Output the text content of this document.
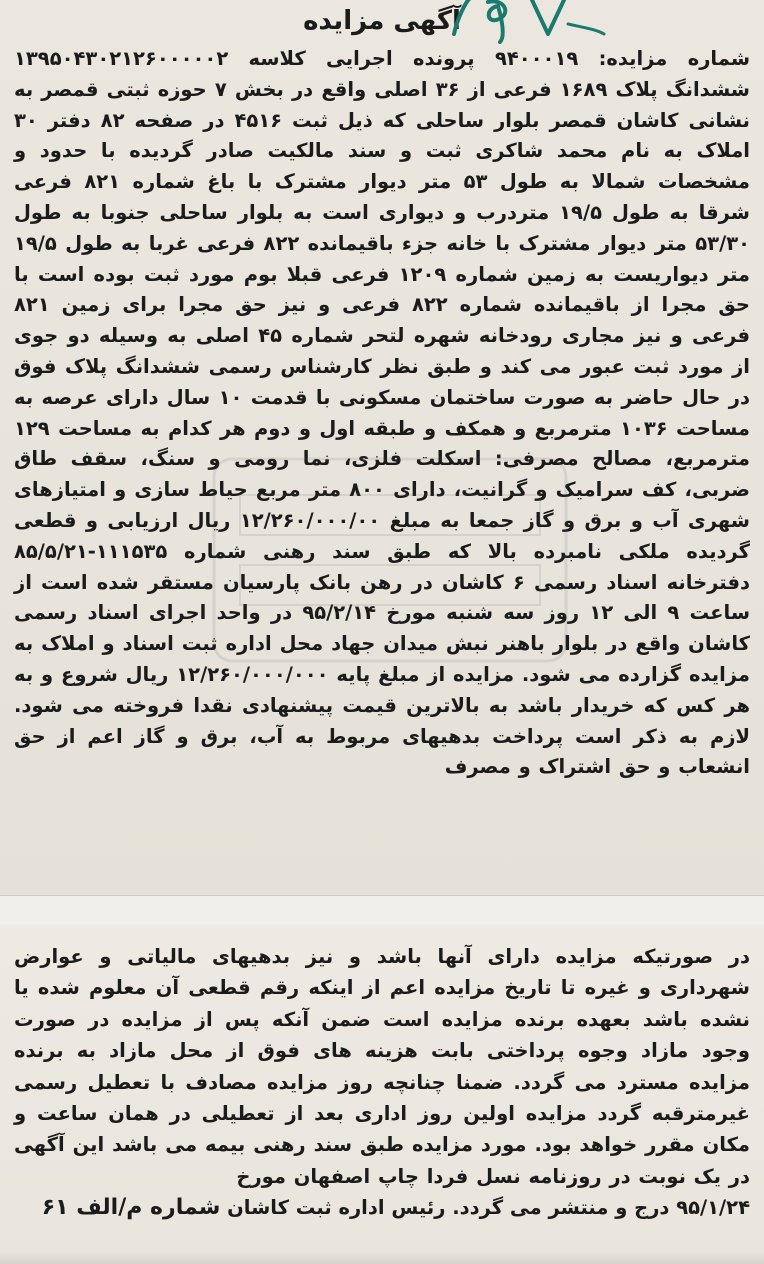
آگهی مزایده

شماره مزایده: ۹۴۰۰۰۱۹ پرونده اجرایی کلاسه ۱۳۹۵۰۴۳۰۲۱۲۶۰۰۰۰۰۲ ششدانگ پلاک ۱۶۸۹ فرعی از ۳۶ اصلی واقع در بخش ۷ حوزه ثبتی قمصر به نشانی کاشان قمصر بلوار ساحلی که ذیل ثبت ۴۵۱۶ در صفحه ۸۲ دفتر ۳۰ املاک به نام محمد شاکری ثبت و سند مالکیت صادر گردیده با حدود و مشخصات شمالا به طول ۵۳ متر دیوار مشترک با باغ شماره ۸۲۱ فرعی شرقا به طول ۱۹/۵ متردرب و دیواری است به بلوار ساحلی جنوبا به طول ۵۳/۳۰ متر دیوار مشترک با خانه جزء باقیمانده ۸۲۲ فرعی غربا به طول ۱۹/۵ متر دیواریست به زمین شماره ۱۲۰۹ فرعی قبلا بوم مورد ثبت بوده است با حق مجرا از باقیمانده شماره ۸۲۲ فرعی و نیز حق مجرا برای زمین ۸۲۱ فرعی و نیز مجاری رودخانه شهره لتحر شماره ۴۵ اصلی به وسیله دو جوی از مورد ثبت عبور می کند و طبق نظر کارشناس رسمی ششدانگ پلاک فوق در حال حاضر به صورت ساختمان مسکونی با قدمت ۱۰ سال دارای عرصه به مساحت ۱۰۳۶ مترمربع و همکف و طبقه اول و دوم هر کدام به مساحت ۱۲۹ مترمربع، مصالح مصرفی: اسکلت فلزی، نما رومی و سنگ، سقف طاق ضربی، کف سرامیک و گرانیت، دارای ۸۰۰ متر مربع حیاط سازی و امتیازهای شهری آب و برق و گاز جمعا به مبلغ ۱۲/۲۶۰/۰۰۰/۰۰ ریال ارزیابی و قطعی گردیده ملکی نامبرده بالا که طبق سند رهنی شماره ۱۱۱۵۳۵-۸۵/۵/۲۱ دفترخانه اسناد رسمی ۶ کاشان در رهن بانک پارسیان مستقر شده است از ساعت ۹ الی ۱۲ روز سه شنبه مورخ ۹۵/۲/۱۴ در واحد اجرای اسناد رسمی کاشان واقع در بلوار باهنر نبش میدان جهاد محل اداره ثبت اسناد و املاک به مزایده گزارده می شود. مزایده از مبلغ پایه ۱۲/۲۶۰/۰۰۰/۰۰۰ ریال شروع و به هر کس که خریدار باشد به بالاترین قیمت پیشنهادی نقدا فروخته می شود. لازم به ذکر است پرداخت بدهیهای مربوط به آب، برق و گاز اعم از حق انشعاب و حق اشتراک و مصرف

در صورتیکه مزایده دارای آنها باشد و نیز بدهیهای مالیاتی و عوارض شهرداری و غیره تا تاریخ مزایده اعم از اینکه رقم قطعی آن معلوم شده یا نشده باشد بعهده برنده مزایده است ضمن آنکه پس از مزایده در صورت وجود مازاد وجوه پرداختی بابت هزینه های فوق از محل مازاد به برنده مزایده مسترد می گردد. ضمنا چنانچه روز مزایده مصادف با تعطیل رسمی غیرمترقبه گردد مزایده اولین روز اداری بعد از تعطیلی در همان ساعت و مکان مقرر خواهد بود. مورد مزایده طبق سند رهنی بیمه می باشد این آگهی در یک نوبت در روزنامه نسل فردا چاپ اصفهان مورخ

۹۵/۱/۲۴ درج و منتشر می گردد. رئیس اداره ثبت کاشان شماره م/الف ۶۱
